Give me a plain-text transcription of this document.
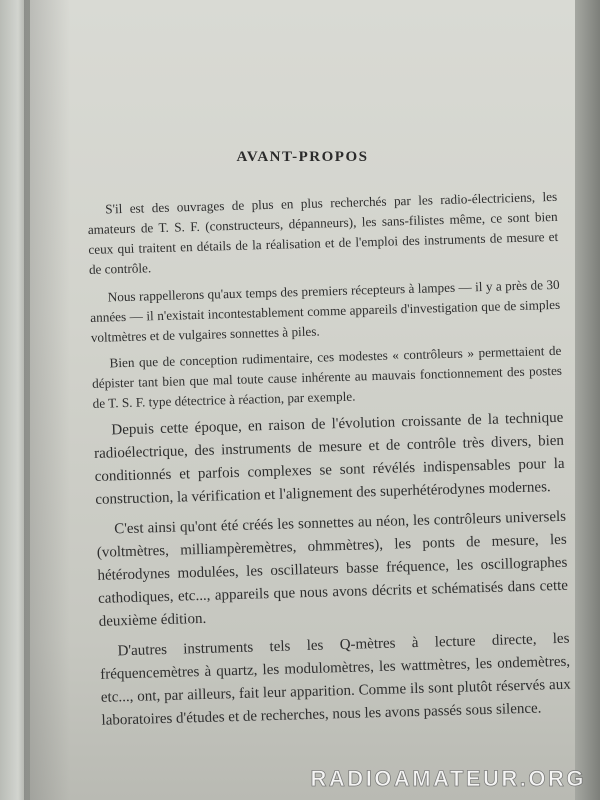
AVANT-PROPOS

S'il est des ouvrages de plus en plus recherchés par les radio-électriciens, les amateurs de T. S. F. (constructeurs, dépanneurs), les sans-filistes même, ce sont bien ceux qui traitent en détails de la réalisation et de l'emploi des instruments de mesure et de contrôle.

Nous rappellerons qu'aux temps des premiers récepteurs à lampes — il y a près de 30 années — il n'existait incontestablement comme appareils d'investigation que de simples voltmètres et de vulgaires sonnettes à piles.

Bien que de conception rudimentaire, ces modestes « contrôleurs » permettaient de dépister tant bien que mal toute cause inhérente au mauvais fonctionnement des postes de T. S. F. type détectrice à réaction, par exemple.

Depuis cette époque, en raison de l'évolution croissante de la technique radioélectrique, des instruments de mesure et de contrôle très divers, bien conditionnés et parfois complexes se sont révélés indispensables pour la construction, la vérification et l'alignement des superhétérodynes modernes.

C'est ainsi qu'ont été créés les sonnettes au néon, les contrôleurs universels (voltmètres, milliampèremètres, ohmmètres), les ponts de mesure, les hétérodynes modulées, les oscillateurs basse fréquence, les oscillographes cathodiques, etc..., appareils que nous avons décrits et schématisés dans cette deuxième édition.

D'autres instruments tels les Q-mètres à lecture directe, les fréquencemètres à quartz, les modulomètres, les wattmètres, les ondemètres, etc..., ont, par ailleurs, fait leur apparition. Comme ils sont plutôt réservés aux laboratoires d'études et de recherches, nous les avons passés sous silence.

RADIOAMATEUR.ORG
